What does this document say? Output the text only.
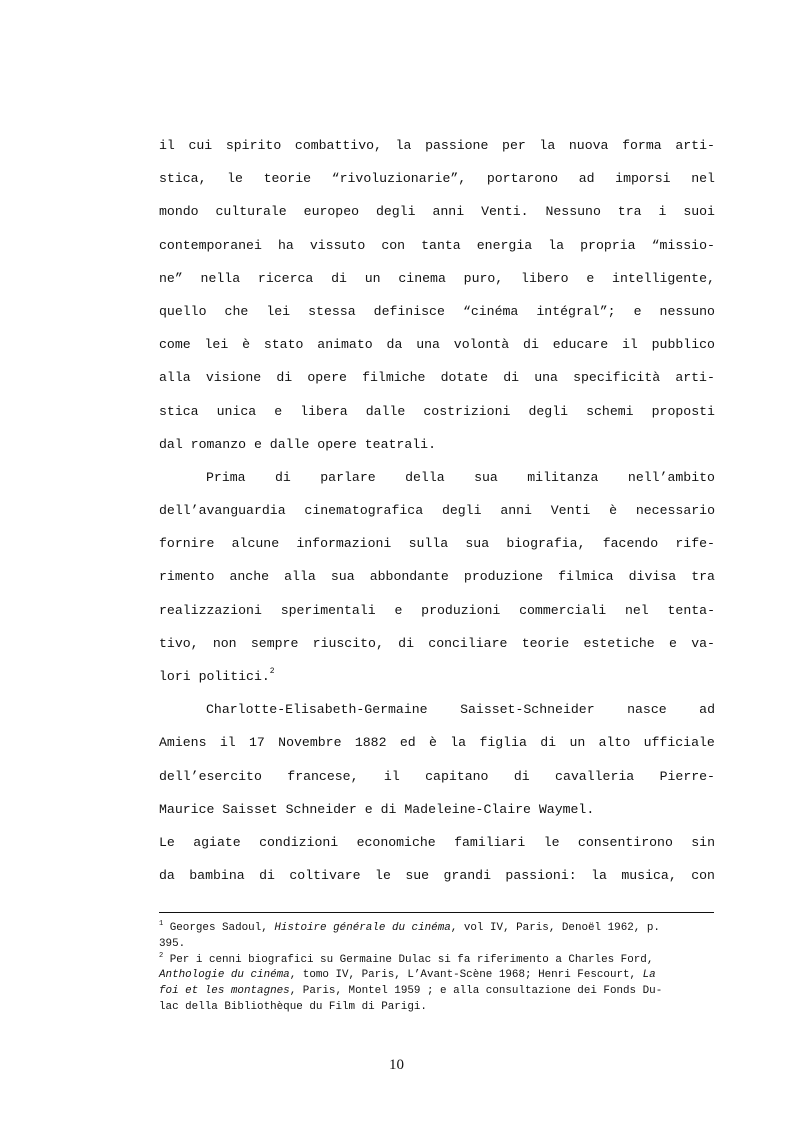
il cui spirito combattivo, la passione per la nuova forma arti-
stica, le teorie “rivoluzionarie”, portarono ad imporsi nel
mondo culturale europeo degli anni Venti. Nessuno tra i suoi
contemporanei ha vissuto con tanta energia la propria “missio-
ne” nella ricerca di un cinema puro, libero e intelligente,
quello che lei stessa definisce “cinéma intégral”; e nessuno
come lei è stato animato da una volontà di educare il pubblico
alla visione di opere filmiche dotate di una specificità arti-
stica unica e libera dalle costrizioni degli schemi proposti
dal romanzo e dalle opere teatrali.
Prima di parlare della sua militanza nell’ambito
dell’avanguardia cinematografica degli anni Venti è necessario
fornire alcune informazioni sulla sua biografia, facendo rife-
rimento anche alla sua abbondante produzione filmica divisa tra
realizzazioni sperimentali e produzioni commerciali nel tenta-
tivo, non sempre riuscito, di conciliare teorie estetiche e va-
lori politici.$^2$
Charlotte-Elisabeth-Germaine Saisset-Schneider nasce ad
Amiens il 17 Novembre 1882 ed è la figlia di un alto ufficiale
dell’esercito francese, il capitano di cavalleria Pierre-
Maurice Saisset Schneider e di Madeleine-Claire Waymel.
Le agiate condizioni economiche familiari le consentirono sin
da bambina di coltivare le sue grandi passioni: la musica, con
$^1$ Georges Sadoul, Histoire générale du cinéma, vol IV, Paris, Denoël 1962, p.
395.
$^2$ Per i cenni biografici su Germaine Dulac si fa riferimento a Charles Ford,
Anthologie du cinéma, tomo IV, Paris, L’Avant-Scène 1968; Henri Fescourt, La
foi et les montagnes, Paris, Montel 1959 ; e alla consultazione dei Fonds Du-
lac della Bibliothèque du Film di Parigi.
10
